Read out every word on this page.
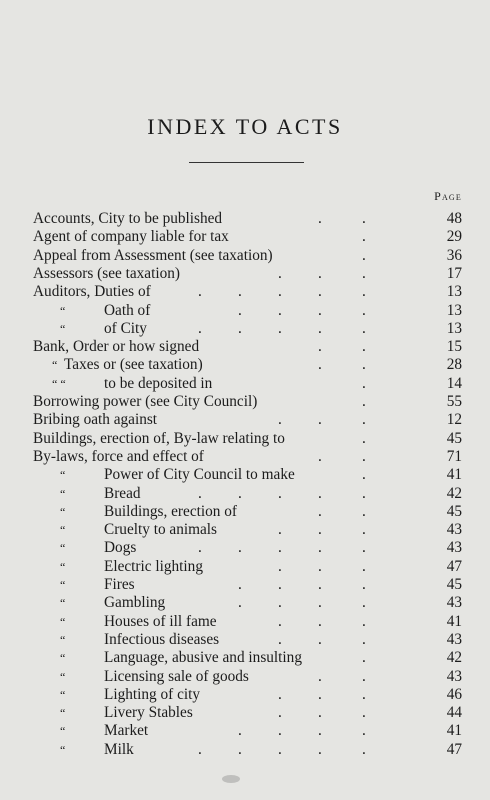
INDEX TO ACTS
Page
Accounts, City to be published	.	.	48
Agent of company liable for tax	.	29
Appeal from Assessment (see taxation)	.	36
Assessors (see taxation)	. .	.	17
Auditors, Duties of	. . . .	.	13
“	Oath of	. . .	.	13
“	of City	. . . .	.	13
Bank, Order or how signed	.	.	15
“ Taxes or (see taxation)	.	.	28
“ “	to be deposited in	.	14
Borrowing power (see City Council)	.	55
Bribing oath against	. .	.	12
Buildings, erection of, By-law relating to	.	45
By-laws, force and effect of	.	.	71
“	Power of City Council to make	.	41
“	Bread	. . . .	.	42
“	Buildings, erection of	.	.	45
“	Cruelty to animals	. .	.	43
“	Dogs	. . . .	.	43
“	Electric lighting	. .	.	47
“	Fires	. . .	.	45
“	Gambling	. . .	.	43
“	Houses of ill fame	. .	.	41
“	Infectious diseases	. .	.	43
“	Language, abusive and insulting	.	42
“	Licensing sale of goods	.	.	43
“	Lighting of city	. .	.	46
“	Livery Stables	. .	.	44
“	Market	. . .	.	41
“	Milk	. . . .	.	47
